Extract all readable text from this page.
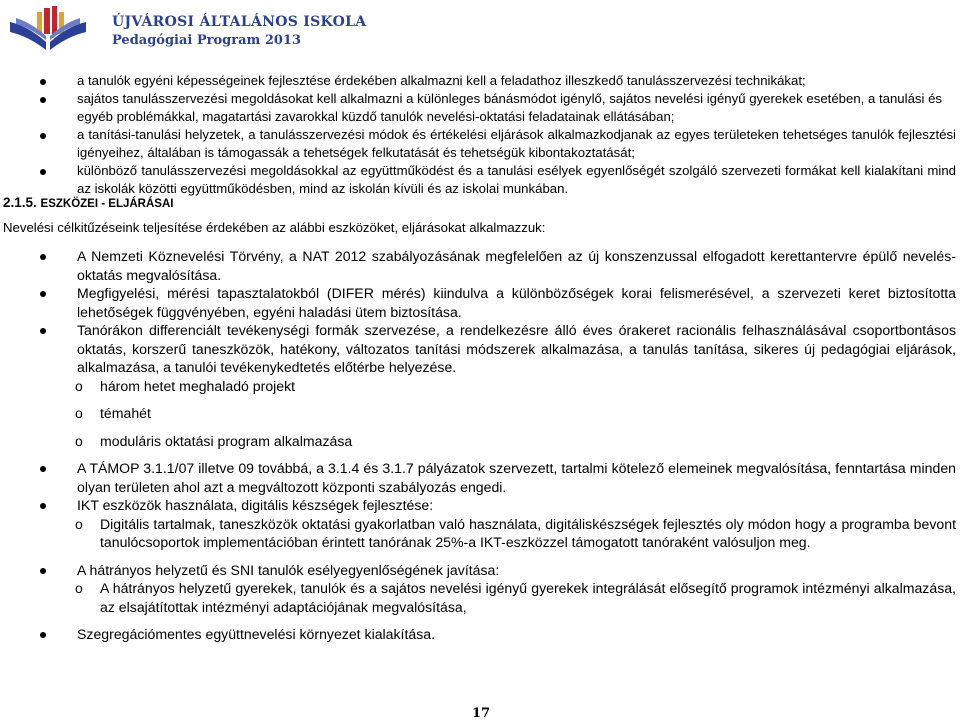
ÚJVÁROSI ÁLTALÁNOS ISKOLA
Pedagógiai Program 2013
a tanulók egyéni képességeinek fejlesztése érdekében alkalmazni kell a feladathoz illeszkedő tanulásszervezési technikákat;
sajátos tanulásszervezési megoldásokat kell alkalmazni a különleges bánásmódot igénylő, sajátos nevelési igényű gyerekek esetében, a tanulási és egyéb problémákkal, magatartási zavarokkal küzdő tanulók nevelési-oktatási feladatainak ellátásában;
a tanítási-tanulási helyzetek, a tanulásszervezési módok és értékelési eljárások alkalmazkodjanak az egyes területeken tehetséges tanulók fejlesztési igényeihez, általában is támogassák a tehetségek felkutatását és tehetségük kibontakoztatását;
különböző tanulásszervezési megoldásokkal az együttműködést és a tanulási esélyek egyenlőségét szolgáló szervezeti formákat kell kialakítani mind az iskolák közötti együttműködésben, mind az iskolán kívüli és az iskolai munkában.
2.1.5. ESZKÖZEI - ELJÁRÁSAI
Nevelési célkitűzéseink teljesítése érdekében az alábbi eszközöket, eljárásokat alkalmazzuk:
A Nemzeti Köznevelési Törvény, a NAT 2012 szabályozásának megfelelően az új konszenzussal elfogadott kerettantervre épülő nevelés-oktatás megvalósítása.
Megfigyelési, mérési tapasztalatokból (DIFER mérés) kiindulva a különbözőségek korai felismerésével, a szervezeti keret biztosította lehetőségek függvényében, egyéni haladási ütem biztosítása.
Tanórákon differenciált tevékenységi formák szervezése, a rendelkezésre álló éves órakeret racionális felhasználásával csoportbontásos oktatás, korszerű taneszközök, hatékony, változatos tanítási módszerek alkalmazása, a tanulás tanítása, sikeres új pedagógiai eljárások, alkalmazása, a tanulói tevékenykedtetés előtérbe helyezése.
o három hetet meghaladó projekt
o témahét
o moduláris oktatási program alkalmazása
A TÁMOP 3.1.1/07 illetve 09 továbbá, a 3.1.4 és 3.1.7 pályázatok szervezett, tartalmi kötelező elemeinek megvalósítása, fenntartása minden olyan területen ahol azt a megváltozott központi szabályozás engedi.
IKT eszközök használata, digitális készségek fejlesztése:
o Digitális tartalmak, taneszközök oktatási gyakorlatban való használata, digitáliskészségek fejlesztés oly módon hogy a programba bevont tanulócsoportok implementációban érintett tanórának 25%-a IKT-eszközzel támogatott tanóraként valósuljon meg.
A hátrányos helyzetű és SNI tanulók esélyegyenlőségének javítása:
o A hátrányos helyzetű gyerekek, tanulók és a sajátos nevelési igényű gyerekek integrálását elősegítő programok intézményi alkalmazása, az elsajátítottak intézményi adaptációjának megvalósítása,
Szegregációmentes együttnevelési környezet kialakítása.
17
